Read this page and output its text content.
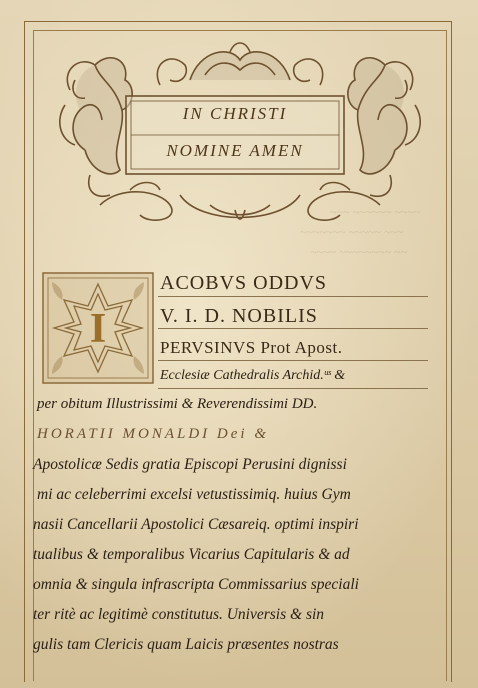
~~~ ~~~~~~ ~~~~
~~~~~~~ ~~~~~ ~~~
~~~~ ~~~~~~~~ ~~
IN CHRISTI
NOMINE AMEN
I
ACOBVS ODDVS
V. I. D. NOBILIS
PERVSINVS Prot Apost.
Ecclesiæ Cathedralis Archid.ᵘˢ &
per obitum Illustrissimi & Reverendissimi DD.
HORATII MONALDI Dei &
Apostolicæ Sedis gratia Episcopi Perusini dignissi
mi ac celeberrimi excelsi vetustissimiq. huius Gym
nasii Cancellarii Apostolici Cæsareiq. optimi inspiri
tualibus & temporalibus Vicarius Capitularis & ad
omnia & singula infrascripta Commissarius speciali
ter ritè ac legitimè constitutus. Universis & sin
gulis tam Clericis quam Laicis præsentes nostras
